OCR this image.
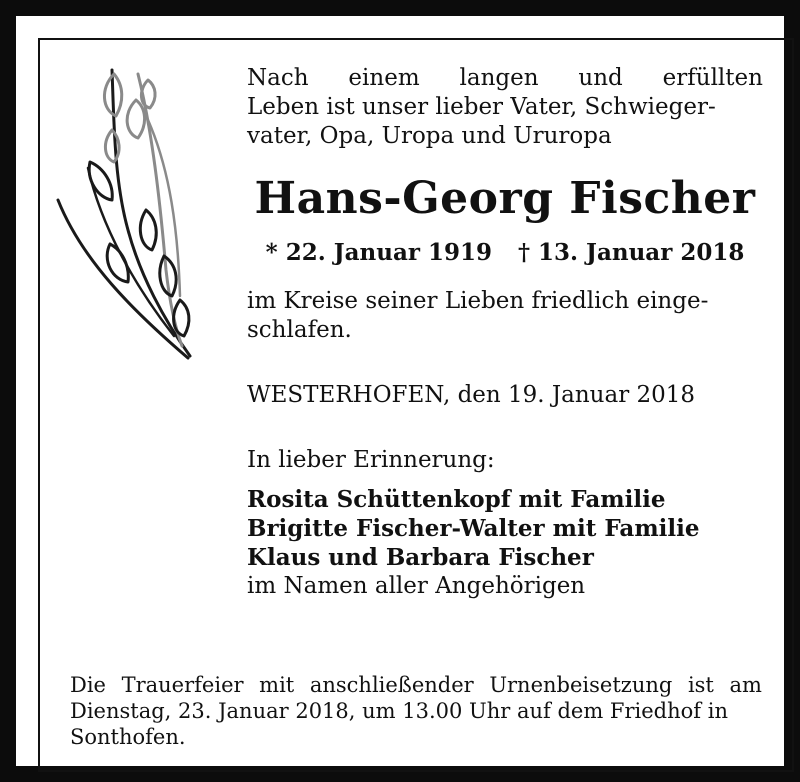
Nach einem langen und erfüllten
Leben ist unser lieber Vater, Schwieger-
vater, Opa, Uropa und Ururopa
Hans-Georg Fischer
* 22. Januar 1919 † 13. Januar 2018
im Kreise seiner Lieben friedlich einge-
schlafen.
WESTERHOFEN, den 19. Januar 2018
In lieber Erinnerung:
Rosita Schüttenkopf mit Familie
Brigitte Fischer-Walter mit Familie
Klaus und Barbara Fischer
im Namen aller Angehörigen
Die Trauerfeier mit anschließender Urnenbeisetzung ist am
Dienstag, 23. Januar 2018, um 13.00 Uhr auf dem Friedhof in
Sonthofen.
